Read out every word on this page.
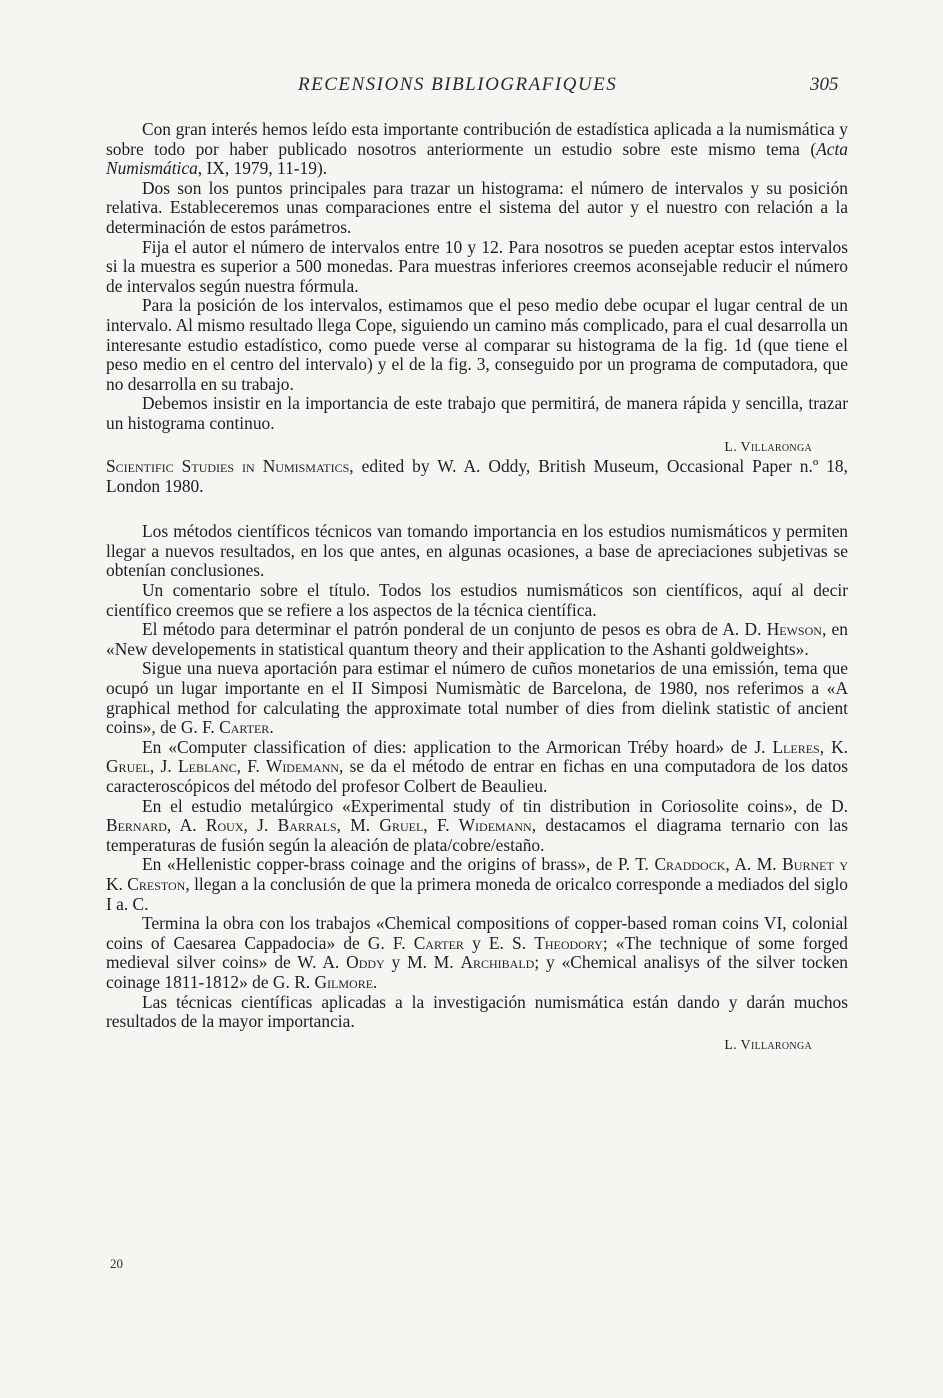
RECENSIONS BIBLIOGRAFIQUES	305

Con gran interés hemos leído esta importante contribución de estadística aplicada a la numismática y sobre todo por haber publicado nosotros anteriormente un estudio sobre este mismo tema (Acta Numismática, IX, 1979, 11-19).

Dos son los puntos principales para trazar un histograma: el número de intervalos y su posición relativa. Estableceremos unas comparaciones entre el sistema del autor y el nuestro con relación a la determinación de estos parámetros.

Fija el autor el número de intervalos entre 10 y 12. Para nosotros se pueden aceptar estos intervalos si la muestra es superior a 500 monedas. Para muestras inferiores creemos aconsejable reducir el número de intervalos según nuestra fórmula.

Para la posición de los intervalos, estimamos que el peso medio debe ocupar el lugar central de un intervalo. Al mismo resultado llega Cope, siguiendo un camino más complicado, para el cual desarrolla un interesante estudio estadístico, como puede verse al comparar su histograma de la fig. 1d (que tiene el peso medio en el centro del intervalo) y el de la fig. 3, conseguido por un programa de computadora, que no desarrolla en su trabajo.

Debemos insistir en la importancia de este trabajo que permitirá, de manera rápida y sencilla, trazar un histograma continuo.

L. Villaronga

Scientific Studies in Numismatics, edited by W. A. Oddy, British Museum, Occasional Paper n.º 18, London 1980.

Los métodos científicos técnicos van tomando importancia en los estudios numismáticos y permiten llegar a nuevos resultados, en los que antes, en algunas ocasiones, a base de apreciaciones subjetivas se obtenían conclusiones.

Un comentario sobre el título. Todos los estudios numismáticos son científicos, aquí al decir científico creemos que se refiere a los aspectos de la técnica científica.

El método para determinar el patrón ponderal de un conjunto de pesos es obra de A. D. Hewson, en «New developements in statistical quantum theory and their application to the Ashanti goldweights».

Sigue una nueva aportación para estimar el número de cuños monetarios de una emissión, tema que ocupó un lugar importante en el II Simposi Numismàtic de Barcelona, de 1980, nos referimos a «A graphical method for calculating the approximate total number of dies from dielink statistic of ancient coins», de G. F. Carter.

En «Computer classification of dies: application to the Armorican Tréby hoard» de J. Lleres, K. Gruel, J. Leblanc, F. Widemann, se da el método de entrar en fichas en una computadora de los datos caracteroscópicos del método del profesor Colbert de Beaulieu.

En el estudio metalúrgico «Experimental study of tin distribution in Coriosolite coins», de D. Bernard, A. Roux, J. Barrals, M. Gruel, F. Widemann, destacamos el diagrama ternario con las temperaturas de fusión según la aleación de plata/cobre/estaño.

En «Hellenistic copper-brass coinage and the origins of brass», de P. T. Craddock, A. M. Burnet y K. Creston, llegan a la conclusión de que la primera moneda de oricalco corresponde a mediados del siglo I a. C.

Termina la obra con los trabajos «Chemical compositions of copper-based roman coins VI, colonial coins of Caesarea Cappadocia» de G. F. Carter y E. S. Theodory; «The technique of some forged medieval silver coins» de W. A. Oddy y M. M. Archibald; y «Chemical analisys of the silver tocken coinage 1811-1812» de G. R. Gilmore.

Las técnicas científicas aplicadas a la investigación numismática están dando y darán muchos resultados de la mayor importancia.

L. Villaronga
20
